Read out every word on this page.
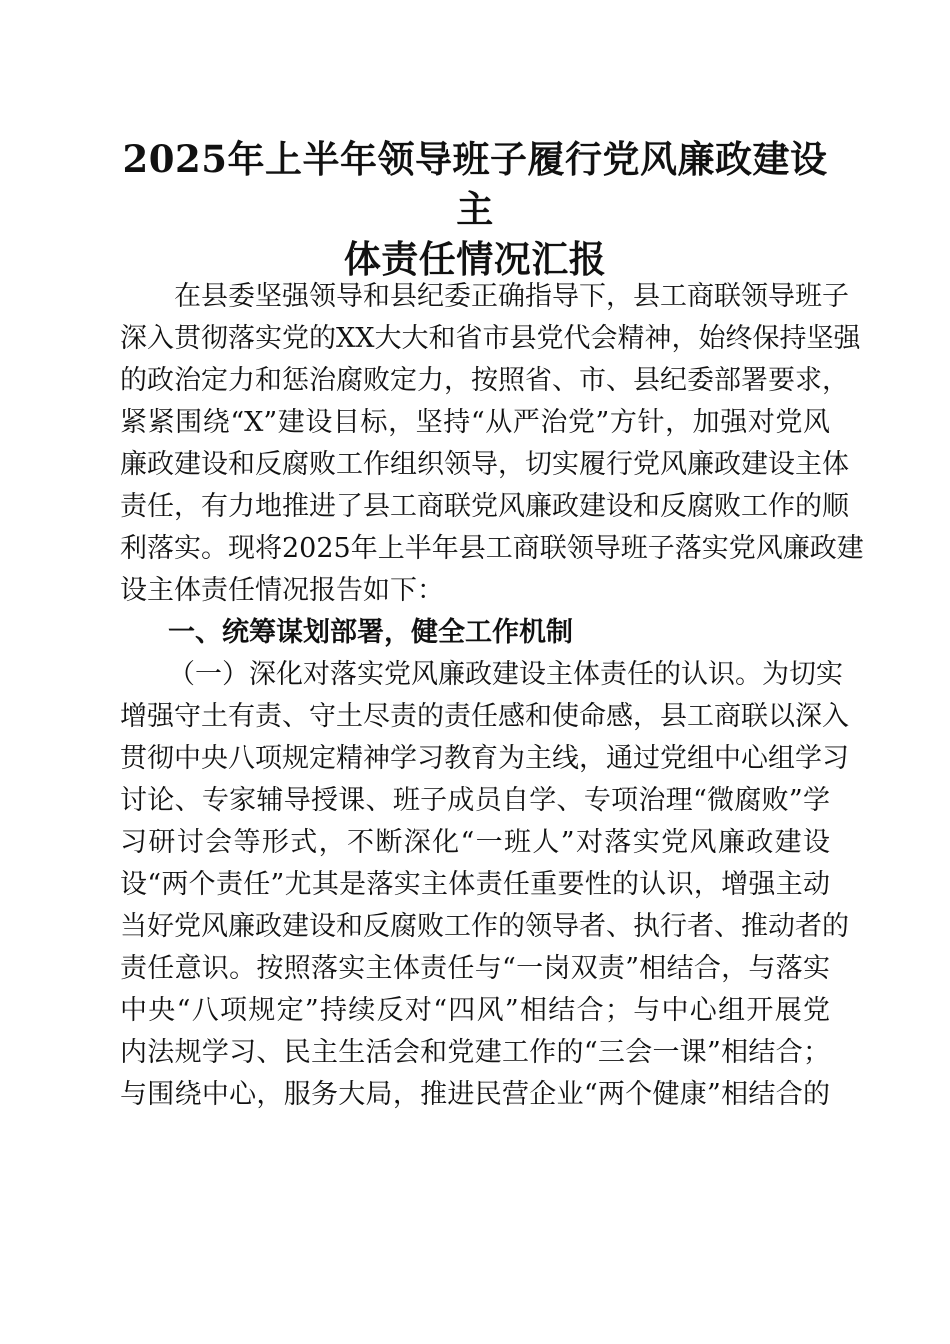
2025年上半年领导班子履行党风廉政建设主
体责任情况汇报
在县委坚强领导和县纪委正确指导下，县工商联领导班子
深入贯彻落实党的XX大大和省市县党代会精神，始终保持坚强
的政治定力和惩治腐败定力，按照省、市、县纪委部署要求，
紧紧围绕“X”建设目标，坚持“从严治党”方针，加强对党风
廉政建设和反腐败工作组织领导，切实履行党风廉政建设主体
责任，有力地推进了县工商联党风廉政建设和反腐败工作的顺
利落实。现将2025年上半年县工商联领导班子落实党风廉政建
设主体责任情况报告如下：
一、统筹谋划部署，健全工作机制
（一）深化对落实党风廉政建设主体责任的认识。为切实
增强守土有责、守土尽责的责任感和使命感，县工商联以深入
贯彻中央八项规定精神学习教育为主线，通过党组中心组学习
讨论、专家辅导授课、班子成员自学、专项治理“微腐败”学
习研讨会等形式，不断深化“一班人”对落实党风廉政建设
设“两个责任”尤其是落实主体责任重要性的认识，增强主动
当好党风廉政建设和反腐败工作的领导者、执行者、推动者的
责任意识。按照落实主体责任与“一岗双责”相结合，与落实
中央“八项规定”持续反对“四风”相结合；与中心组开展党
内法规学习、民主生活会和党建工作的“三会一课”相结合；
与围绕中心，服务大局，推进民营企业“两个健康”相结合的
